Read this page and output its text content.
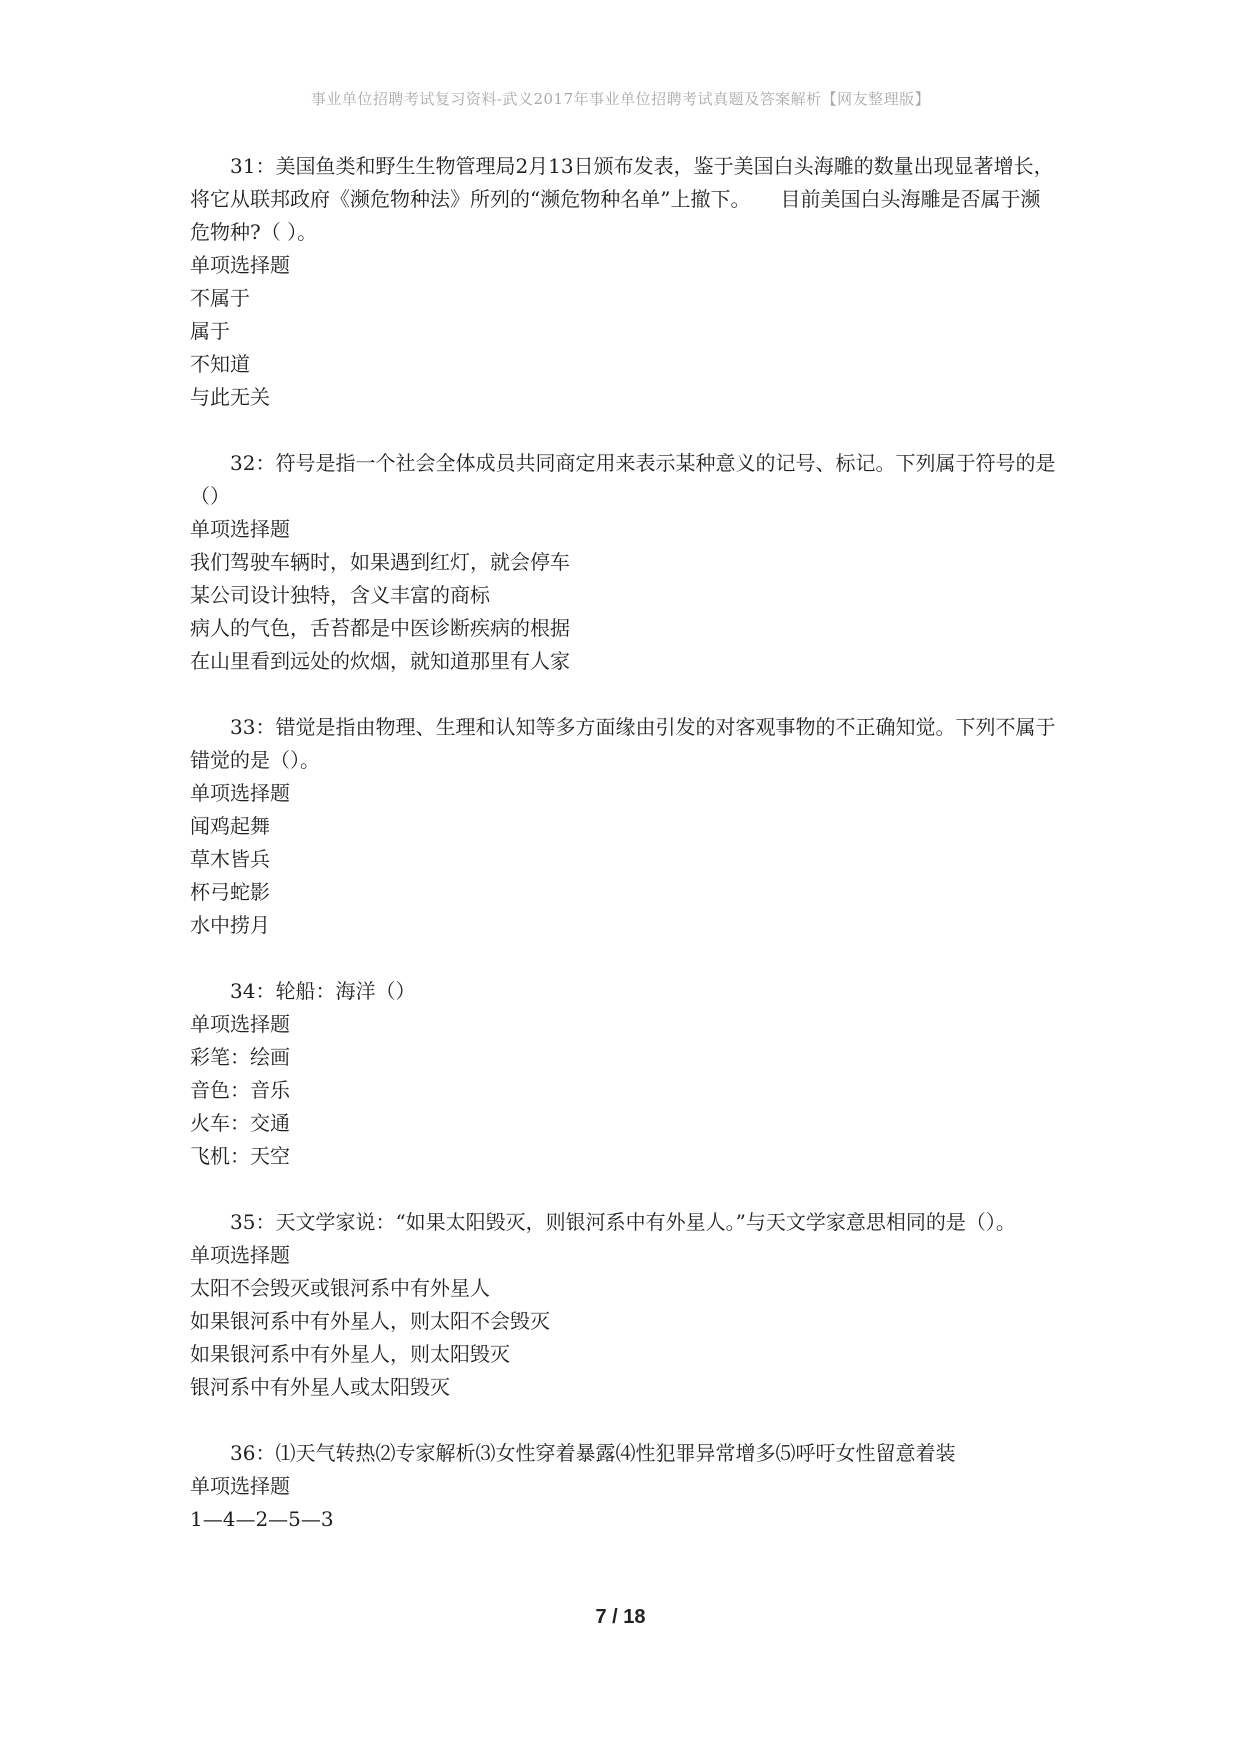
事业单位招聘考试复习资料-武义2017年事业单位招聘考试真题及答案解析【网友整理版】

31：美国鱼类和野生生物管理局2月13日颁布发表，鉴于美国白头海雕的数量出现显著增长，将它从联邦政府《濒危物种法》所列的“濒危物种名单”上撤下。　　目前美国白头海雕是否属于濒危物种?（ ）。

单项选择题

不属于

属于

不知道

与此无关

32：符号是指一个社会全体成员共同商定用来表示某种意义的记号、标记。下列属于符号的是（）

单项选择题

我们驾驶车辆时，如果遇到红灯，就会停车

某公司设计独特，含义丰富的商标

病人的气色，舌苔都是中医诊断疾病的根据

在山里看到远处的炊烟，就知道那里有人家

33：错觉是指由物理、生理和认知等多方面缘由引发的对客观事物的不正确知觉。下列不属于错觉的是（）。

单项选择题

闻鸡起舞

草木皆兵

杯弓蛇影

水中捞月

34：轮船：海洋（）

单项选择题

彩笔：绘画

音色：音乐

火车：交通

飞机：天空

35：天文学家说：“如果太阳毁灭，则银河系中有外星人。”与天文学家意思相同的是（）。

单项选择题

太阳不会毁灭或银河系中有外星人

如果银河系中有外星人，则太阳不会毁灭

如果银河系中有外星人，则太阳毁灭

银河系中有外星人或太阳毁灭

36：⑴天气转热⑵专家解析⑶女性穿着暴露⑷性犯罪异常增多⑸呼吁女性留意着装

单项选择题

1—4—2—5—3

7 / 18
